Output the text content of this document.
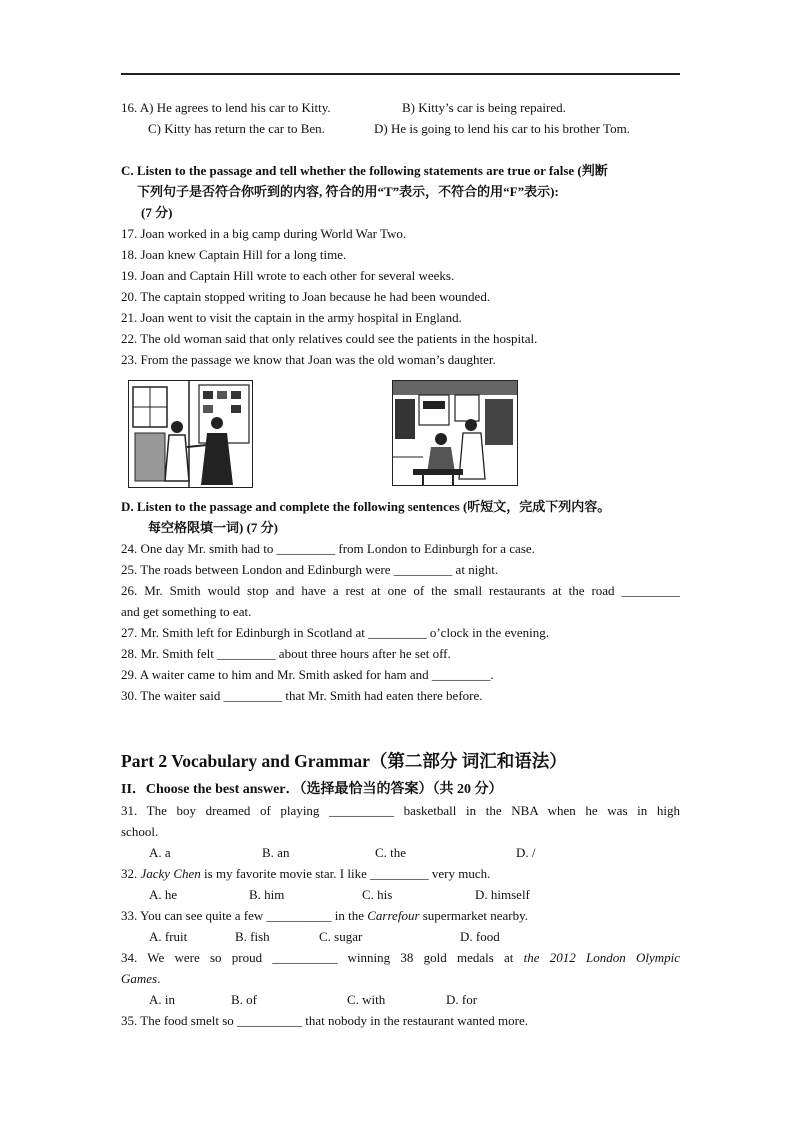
16. A) He agrees to lend his car to Kitty.	B) Kitty’s car is being repaired.
C) Kitty has return the car to Ben.	D) He is going to lend his car to his brother Tom.
C. Listen to the passage and tell whether the following statements are true or false (判断
下列句子是否符合你听到的内容, 符合的用“T”表示，不符合的用“F”表示):
(7 分)
17. Joan worked in a big camp during World War Two.
18. Joan knew Captain Hill for a long time.
19. Joan and Captain Hill wrote to each other for several weeks.
20. The captain stopped writing to Joan because he had been wounded.
21. Joan went to visit the captain in the army hospital in England.
22. The old woman said that only relatives could see the patients in the hospital.
23. From the passage we know that Joan was the old woman’s daughter.
D. Listen to the passage and complete the following sentences (听短文，完成下列内容。
每空格限填一词) (7 分)
24. One day Mr. smith had to _________ from London to Edinburgh for a case.
25. The roads between London and Edinburgh were _________ at night.
26. Mr. Smith would stop and have a rest at one of the small restaurants at the road _________
and get something to eat.
27. Mr. Smith left for Edinburgh in Scotland at _________ o’clock in the evening.
28. Mr. Smith felt _________ about three hours after he set off.
29. A waiter came to him and Mr. Smith asked for ham and _________.
30. The waiter said _________ that Mr. Smith had eaten there before.
Part 2 Vocabulary and Grammar（第二部分 词汇和语法）
II．Choose the best answer．（选择最恰当的答案）（共 20 分）
31. The boy dreamed of playing __________ basketball in the NBA when he was in high
school.
A. a	B. an	C. the	D. /
32. Jacky Chen is my favorite movie star. I like _________ very much.
A. he	B. him	C. his	D. himself
33. You can see quite a few __________ in the Carrefour supermarket nearby.
A. fruit	B. fish	C. sugar	D. food
34. We were so proud __________ winning 38 gold medals at the 2012 London Olympic
Games.
A. in	B. of	C. with	D. for
35. The food smelt so __________ that nobody in the restaurant wanted more.
